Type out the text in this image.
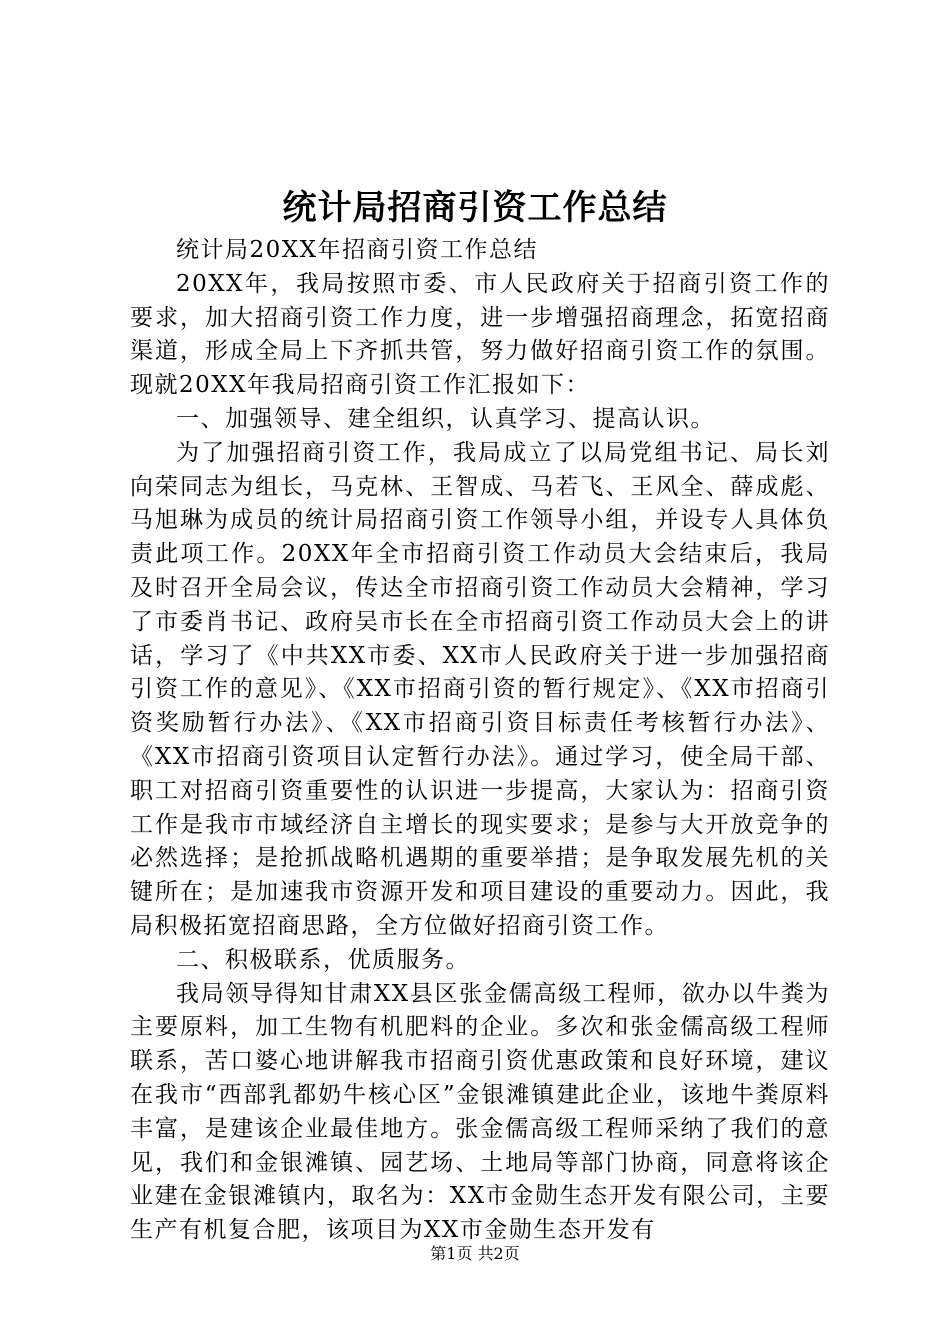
统计局招商引资工作总结

统计局20XX年招商引资工作总结

20XX年，我局按照市委、市人民政府关于招商引资工作的要求，加大招商引资工作力度，进一步增强招商理念，拓宽招商渠道，形成全局上下齐抓共管，努力做好招商引资工作的氛围。现就20XX年我局招商引资工作汇报如下：

一、加强领导、建全组织，认真学习、提高认识。

为了加强招商引资工作，我局成立了以局党组书记、局长刘向荣同志为组长，马克林、王智成、马若飞、王风全、薛成彪、马旭琳为成员的统计局招商引资工作领导小组，并设专人具体负责此项工作。20XX年全市招商引资工作动员大会结束后，我局及时召开全局会议，传达全市招商引资工作动员大会精神，学习了市委肖书记、政府吴市长在全市招商引资工作动员大会上的讲话，学习了《中共XX市委、XX市人民政府关于进一步加强招商引资工作的意见》、《XX市招商引资的暂行规定》、《XX市招商引资奖励暂行办法》、《XX市招商引资目标责任考核暂行办法》、《XX市招商引资项目认定暂行办法》。通过学习，使全局干部、职工对招商引资重要性的认识进一步提高，大家认为：招商引资工作是我市市域经济自主增长的现实要求；是参与大开放竞争的必然选择；是抢抓战略机遇期的重要举措；是争取发展先机的关键所在；是加速我市资源开发和项目建设的重要动力。因此，我局积极拓宽招商思路，全方位做好招商引资工作。

二、积极联系，优质服务。

我局领导得知甘肃XX县区张金儒高级工程师，欲办以牛粪为主要原料，加工生物有机肥料的企业。多次和张金儒高级工程师联系，苦口婆心地讲解我市招商引资优惠政策和良好环境，建议在我市“西部乳都奶牛核心区”金银滩镇建此企业，该地牛粪原料丰富，是建该企业最佳地方。张金儒高级工程师采纳了我们的意见，我们和金银滩镇、园艺场、土地局等部门协商，同意将该企业建在金银滩镇内，取名为：XX市金勋生态开发有限公司，主要生产有机复合肥，该项目为XX市金勋生态开发有

第1页 共2页
